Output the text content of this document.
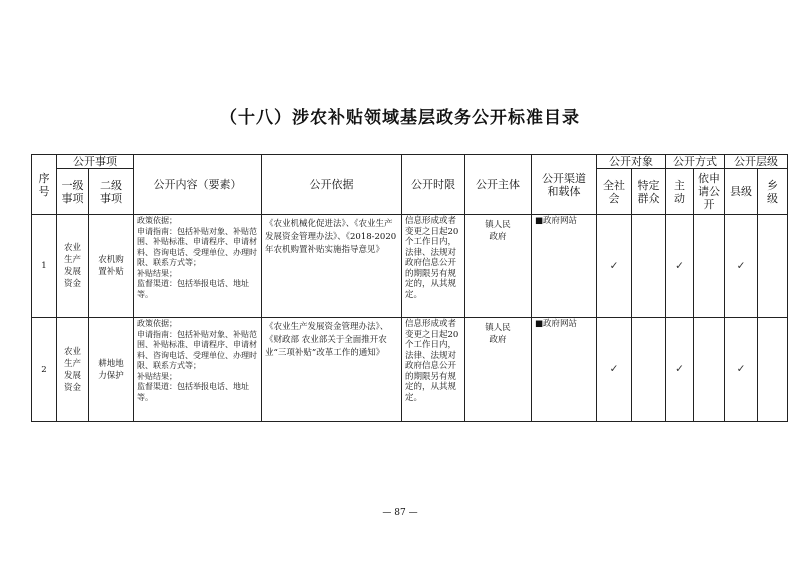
（十八）涉农补贴领域基层政务公开标准目录
序号	公开事项		公开内容（要素）	公开依据	公开时限	公开主体	公开渠道和载体	公开对象		公开方式		公开层级	
	一级事项	二级事项						全社会	特定群众	主动	依申请公开	县级	乡级
1	农业生产发展资金	农机购置补贴	政策依据；
申请指南：包括补贴对象、补贴范围、补贴标准、申请程序、申请材料、咨询电话、受理单位、办理时限、联系方式等；
补贴结果；
监督渠道：包括举报电话、地址等。	《农业机械化促进法》、《农业生产发展资金管理办法》、《2018-2020年农机购置补贴实施指导意见》	信息形成或者变更之日起20个工作日内，法律、法规对政府信息公开的期限另有规定的，从其规定。	镇人民政府	■政府网站	✓		✓		✓	
2	农业生产发展资金	耕地地力保护	政策依据；
申请指南：包括补贴对象、补贴范围、补贴标准、申请程序、申请材料、咨询电话、受理单位、办理时限、联系方式等；
补贴结果；
监督渠道：包括举报电话、地址等。	《农业生产发展资金管理办法》、《财政部 农业部关于全面推开农业“三项补贴”改革工作的通知》	信息形成或者变更之日起20个工作日内，法律、法规对政府信息公开的期限另有规定的，从其规定。	镇人民政府	■政府网站	✓		✓		✓	
— 87 —
